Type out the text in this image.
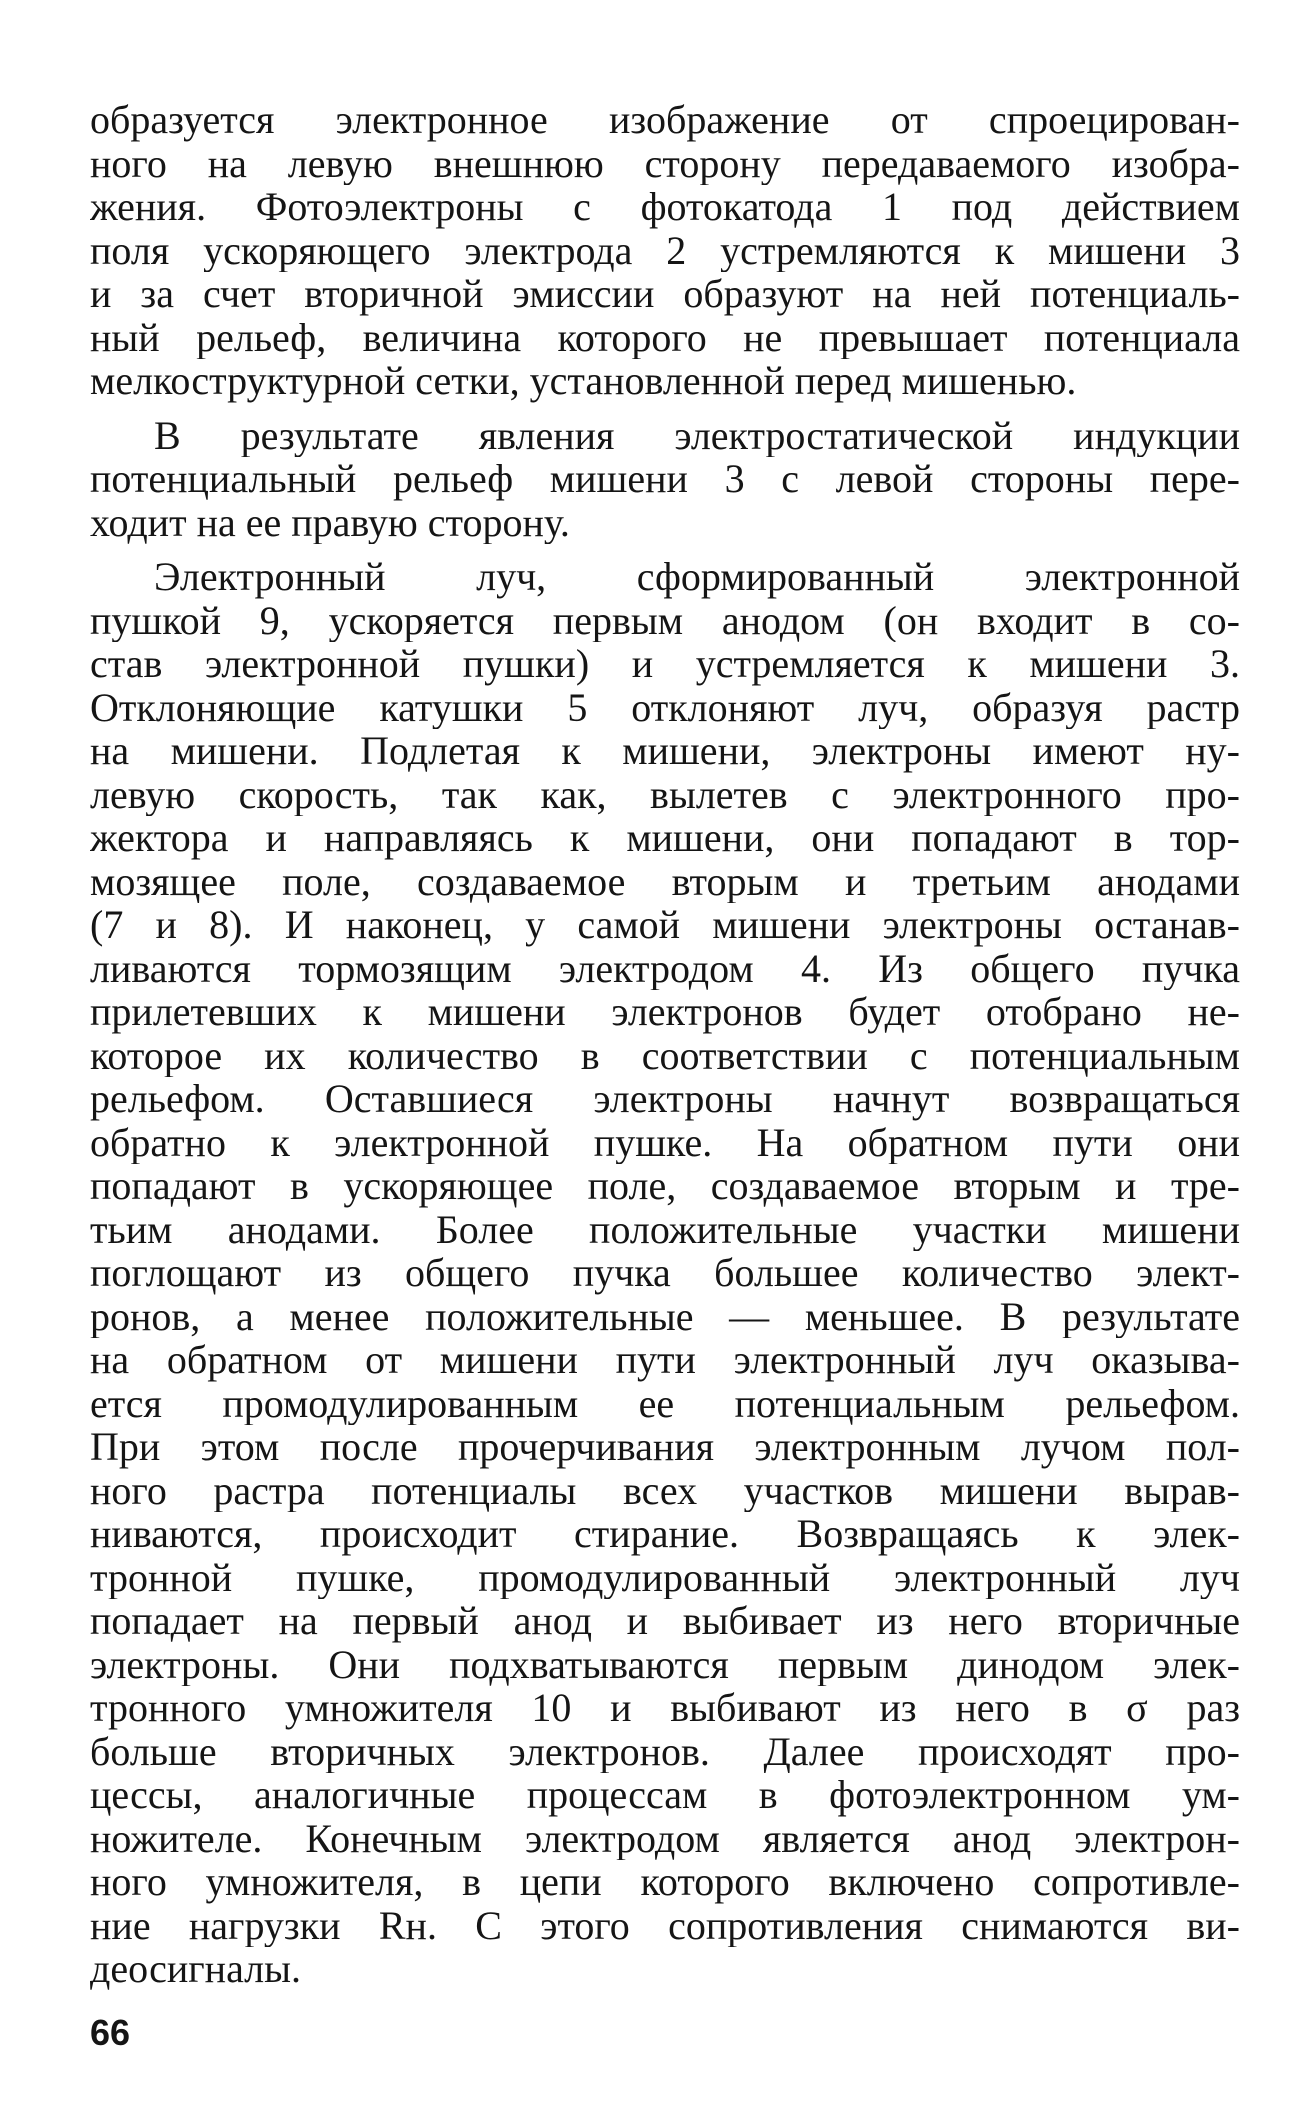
образуется электронное изображение от спроецирован-
ного на левую внешнюю сторону передаваемого изобра-
жения. Фотоэлектроны с фотокатода 1 под действием
поля ускоряющего электрода 2 устремляются к мишени 3
и за счет вторичной эмиссии образуют на ней потенциаль-
ный рельеф, величина которого не превышает потенциала
мелкоструктурной сетки, установленной перед мишенью.

В результате явления электростатической индукции
потенциальный рельеф мишени 3 с левой стороны пере-
ходит на ее правую сторону.

Электронный луч, сформированный электронной
пушкой 9, ускоряется первым анодом (он входит в со-
став электронной пушки) и устремляется к мишени 3.
Отклоняющие катушки 5 отклоняют луч, образуя растр
на мишени. Подлетая к мишени, электроны имеют ну-
левую скорость, так как, вылетев с электронного про-
жектора и направляясь к мишени, они попадают в тор-
мозящее поле, создаваемое вторым и третьим анодами
(7 и 8). И наконец, у самой мишени электроны останав-
ливаются тормозящим электродом 4. Из общего пучка
прилетевших к мишени электронов будет отобрано не-
которое их количество в соответствии с потенциальным
рельефом. Оставшиеся электроны начнут возвращаться
обратно к электронной пушке. На обратном пути они
попадают в ускоряющее поле, создаваемое вторым и тре-
тьим анодами. Более положительные участки мишени
поглощают из общего пучка большее количество элект-
ронов, а менее положительные — меньшее. В результате
на обратном от мишени пути электронный луч оказыва-
ется промодулированным ее потенциальным рельефом.
При этом после прочерчивания электронным лучом пол-
ного растра потенциалы всех участков мишени вырав-
ниваются, происходит стирание. Возвращаясь к элек-
тронной пушке, промодулированный электронный луч
попадает на первый анод и выбивает из него вторичные
электроны. Они подхватываются первым динодом элек-
тронного умножителя 10 и выбивают из него в σ раз
больше вторичных электронов. Далее происходят про-
цессы, аналогичные процессам в фотоэлектронном ум-
ножителе. Конечным электродом является анод электрон-
ного умножителя, в цепи которого включено сопротивле-
ние нагрузки Rн. С этого сопротивления снимаются ви-
деосигналы.

66
